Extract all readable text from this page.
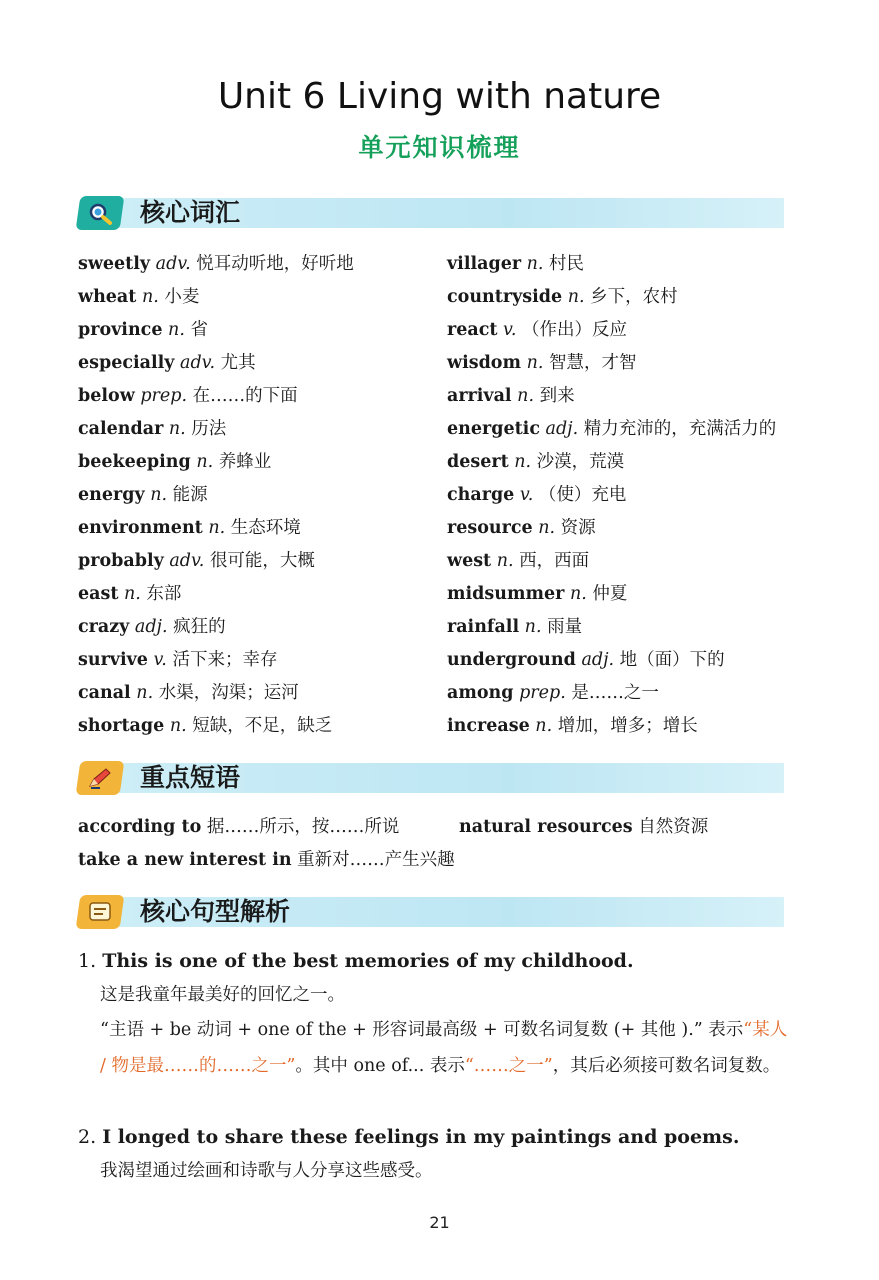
Unit 6 Living with nature
单元知识梳理
核心词汇
sweetly adv. 悦耳动听地，好听地
wheat n. 小麦
province n. 省
especially adv. 尤其
below prep. 在……的下面
calendar n. 历法
beekeeping n. 养蜂业
energy n. 能源
environment n. 生态环境
probably adv. 很可能，大概
east n. 东部
crazy adj. 疯狂的
survive v. 活下来；幸存
canal n. 水渠，沟渠；运河
shortage n. 短缺，不足，缺乏
villager n. 村民
countryside n. 乡下，农村
react v. （作出）反应
wisdom n. 智慧，才智
arrival n. 到来
energetic adj. 精力充沛的，充满活力的
desert n. 沙漠，荒漠
charge v. （使）充电
resource n. 资源
west n. 西，西面
midsummer n. 仲夏
rainfall n. 雨量
underground adj. 地（面）下的
among prep. 是……之一
increase n. 增加，增多；增长
重点短语
according to 据……所示，按……所说	natural resources 自然资源
take a new interest in 重新对……产生兴趣
核心句型解析
1. This is one of the best memories of my childhood.
这是我童年最美好的回忆之一。
“主语 + be 动词 + one of the + 形容词最高级 + 可数名词复数 (+ 其他 ).” 表示“某人 / 物是最……的……之一”。其中 one of... 表示“……之一”，其后必须接可数名词复数。
2. I longed to share these feelings in my paintings and poems.
我渴望通过绘画和诗歌与人分享这些感受。
21
